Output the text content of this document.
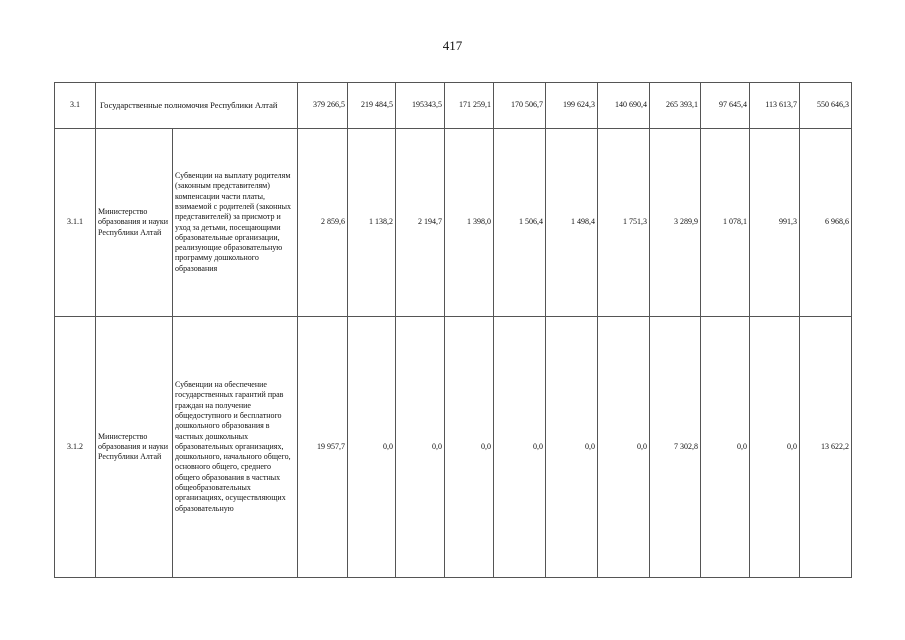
417
3.1	Государственные полномочия Республики Алтай		379 266,5	219 484,5	195343,5	171 259,1	170 506,7	199 624,3	140 690,4	265 393,1	97 645,4	113 613,7	550 646,3
3.1.1	Министерство образования и науки Республики Алтай	Субвенции на выплату родителям (законным представителям) компенсации части платы, взимаемой с родителей (законных представителей) за присмотр и уход за детьми, посещающими образовательные организации, реализующие образовательную программу дошкольного образования	2 859,6	1 138,2	2 194,7	1 398,0	1 506,4	1 498,4	1 751,3	3 289,9	1 078,1	991,3	6 968,6
3.1.2	Министерство образования и науки Республики Алтай	Субвенции на обеспечение государственных гарантий прав граждан на получение общедоступного и бесплатного дошкольного образования в частных дошкольных образовательных организациях, дошкольного, начального общего, основного общего, среднего общего образования в частных общеобразовательных организациях, осуществляющих образовательную	19 957,7	0,0	0,0	0,0	0,0	0,0	0,0	7 302,8	0,0	0,0	13 622,2
